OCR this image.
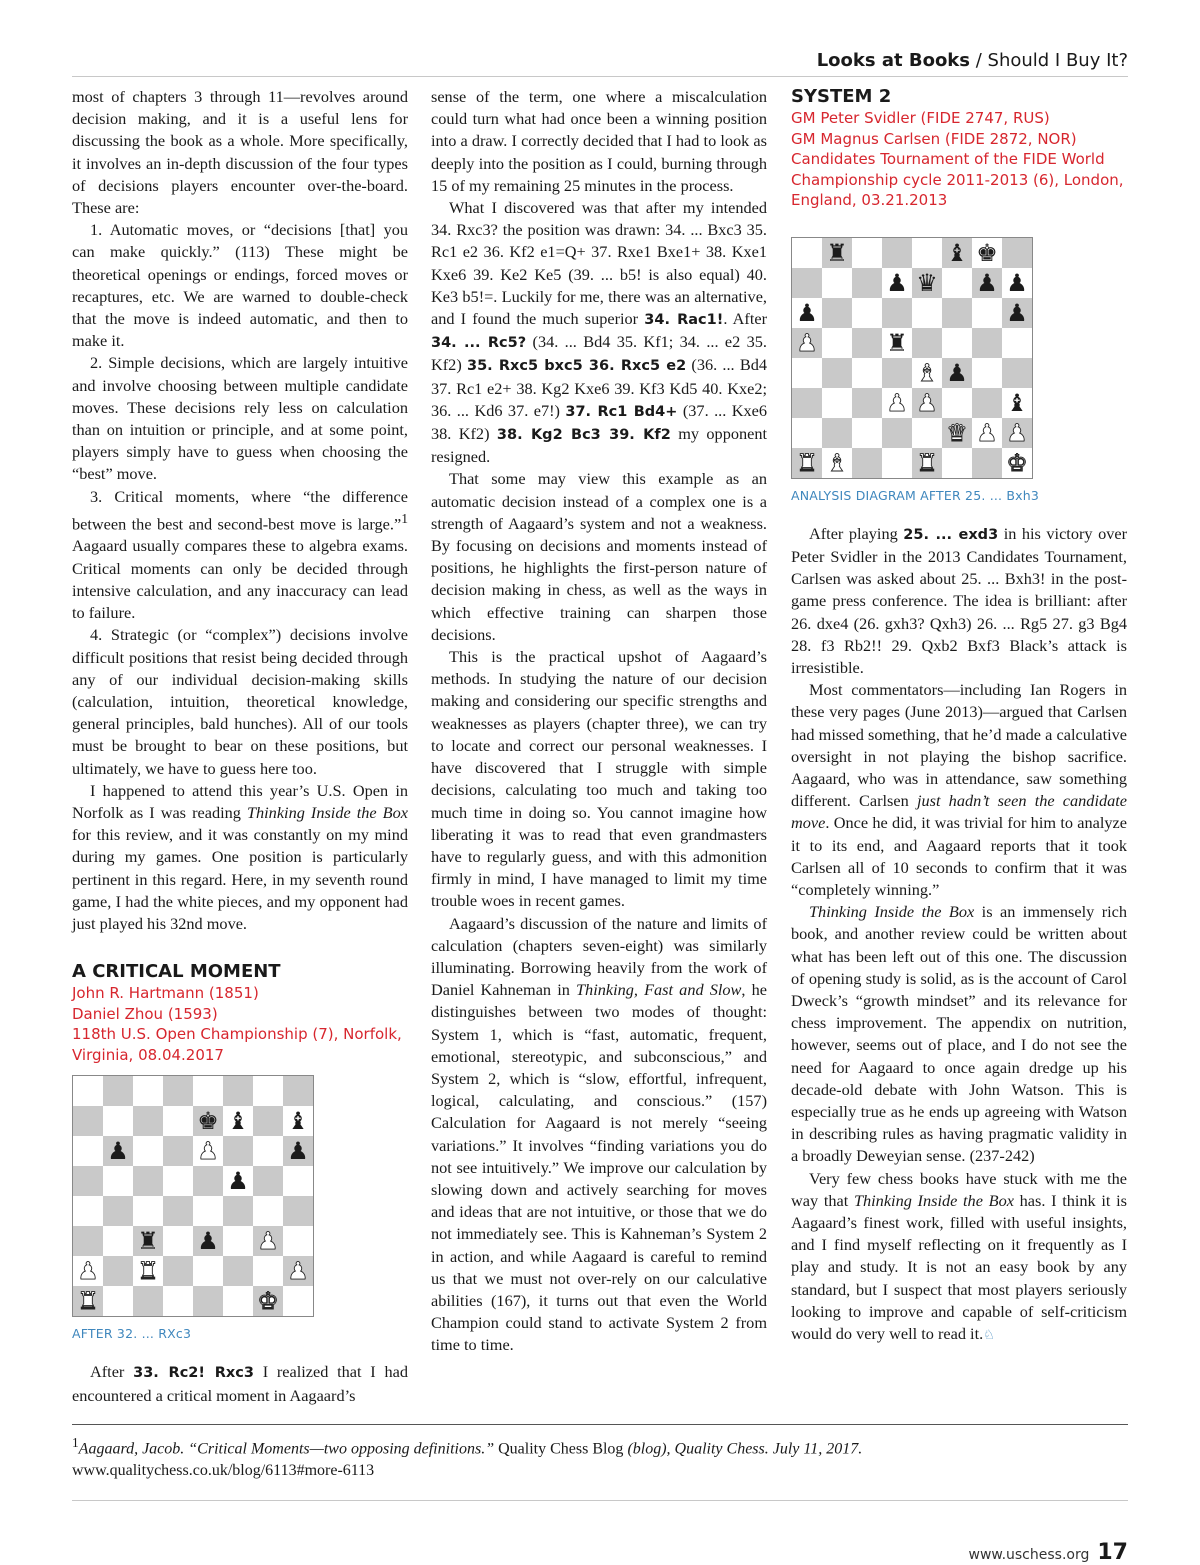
Looks at Books / Should I Buy It?

most of chapters 3 through 11—revolves around decision making, and it is a useful lens for discussing the book as a whole. More specifically, it involves an in-depth discussion of the four types of decisions players encounter over-the-board. These are:

1. Automatic moves, or “decisions [that] you can make quickly.” (113) These might be theoretical openings or endings, forced moves or recaptures, etc. We are warned to double-check that the move is indeed automatic, and then to make it.

2. Simple decisions, which are largely intuitive and involve choosing between multiple candidate moves. These decisions rely less on calculation than on intuition or principle, and at some point, players simply have to guess when choosing the “best” move.

3. Critical moments, where “the difference between the best and second-best move is large.”$^1$ Aagaard usually compares these to algebra exams. Critical moments can only be decided through intensive calculation, and any inaccuracy can lead to failure.

4. Strategic (or “complex”) decisions involve difficult positions that resist being decided through any of our individual decision-making skills (calculation, intuition, theoretical knowledge, general principles, bald hunches). All of our tools must be brought to bear on these positions, but ultimately, we have to guess here too.

I happened to attend this year’s U.S. Open in Norfolk as I was reading Thinking Inside the Box for this review, and it was constantly on my mind during my games. One position is particularly pertinent in this regard. Here, in my seventh round game, I had the white pieces, and my opponent had just played his 32nd move.

A CRITICAL MOMENT
John R. Hartmann (1851)
Daniel Zhou (1593)
118th U.S. Open Championship (7), Norfolk, Virginia, 08.04.2017
♚ ♝ ♝
♟	♟	♟
♟
♜ ♟ ♟
♟ ♜	♟
♜	♚
AFTER 32. ... RXc3

After 33. Rc2! Rxc3 I realized that I had encountered a critical moment in Aagaard’s

sense of the term, one where a miscalculation could turn what had once been a winning position into a draw. I correctly decided that I had to look as deeply into the position as I could, burning through 15 of my remaining 25 minutes in the process.

What I discovered was that after my intended 34. Rxc3? the position was drawn: 34. ... Bxc3 35. Rc1 e2 36. Kf2 e1=Q+ 37. Rxe1 Bxe1+ 38. Kxe1 Kxe6 39. Ke2 Ke5 (39. ... b5! is also equal) 40. Ke3 b5!=. Luckily for me, there was an alternative, and I found the much superior 34. Rac1!. After 34. ... Rc5? (34. ... Bd4 35. Kf1; 34. ... e2 35. Kf2) 35. Rxc5 bxc5 36. Rxc5 e2 (36. ... Bd4 37. Rc1 e2+ 38. Kg2 Kxe6 39. Kf3 Kd5 40. Kxe2; 36. ... Kd6 37. e7!) 37. Rc1 Bd4+ (37. ... Kxe6 38. Kf2) 38. Kg2 Bc3 39. Kf2 my opponent resigned.

That some may view this example as an automatic decision instead of a complex one is a strength of Aagaard’s system and not a weakness. By focusing on decisions and moments instead of positions, he highlights the first-person nature of decision making in chess, as well as the ways in which effective training can sharpen those decisions.

This is the practical upshot of Aagaard’s methods. In studying the nature of our decision making and considering our specific strengths and weaknesses as players (chapter three), we can try to locate and correct our personal weaknesses. I have discovered that I struggle with simple decisions, calculating too much and taking too much time in doing so. You cannot imagine how liberating it was to read that even grandmasters have to regularly guess, and with this admonition firmly in mind, I have managed to limit my time trouble woes in recent games.

Aagaard’s discussion of the nature and limits of calculation (chapters seven-eight) was similarly illuminating. Borrowing heavily from the work of Daniel Kahneman in Thinking, Fast and Slow, he distinguishes between two modes of thought: System 1, which is “fast, automatic, frequent, emotional, stereotypic, and subconscious,” and System 2, which is “slow, effortful, infrequent, logical, calculating, and conscious.” (157) Calculation for Aagaard is not merely “seeing variations.” It involves “finding variations you do not see intuitively.” We improve our calculation by slowing down and actively searching for moves and ideas that are not intuitive, or those that we do not immediately see. This is Kahneman’s System 2 in action, and while Aagaard is careful to remind us that we must not over-rely on our calculative abilities (167), it turns out that even the World Champion could stand to activate System 2 from time to time.

SYSTEM 2
GM Peter Svidler (FIDE 2747, RUS)
GM Magnus Carlsen (FIDE 2872, NOR)
Candidates Tournament of the FIDE World Championship cycle 2011-2013 (6), London, England, 03.21.2013
♜	♝ ♚
♟ ♛ ♟ ♟
♟	♟
♟	♜
♝ ♟
♟ ♟	♝
♛ ♟ ♟
♜ ♝	♜	♚
ANALYSIS DIAGRAM AFTER 25. ... Bxh3

After playing 25. ... exd3 in his victory over Peter Svidler in the 2013 Candidates Tournament, Carlsen was asked about 25. ... Bxh3! in the post-game press conference. The idea is brilliant: after 26. dxe4 (26. gxh3? Qxh3) 26. ... Rg5 27. g3 Bg4 28. f3 Rb2!! 29. Qxb2 Bxf3 Black’s attack is irresistible.

Most commentators—including Ian Rogers in these very pages (June 2013)—argued that Carlsen had missed something, that he’d made a calculative oversight in not playing the bishop sacrifice. Aagaard, who was in attendance, saw something different. Carlsen just hadn’t seen the candidate move. Once he did, it was trivial for him to analyze it to its end, and Aagaard reports that it took Carlsen all of 10 seconds to confirm that it was “completely winning.”

Thinking Inside the Box is an immensely rich book, and another review could be written about what has been left out of this one. The discussion of opening study is solid, as is the account of Carol Dweck’s “growth mindset” and its relevance for chess improvement. The appendix on nutrition, however, seems out of place, and I do not see the need for Aagaard to once again dredge up his decade-old debate with John Watson. This is especially true as he ends up agreeing with Watson in describing rules as having pragmatic validity in a broadly Deweyian sense. (237-242)

Very few chess books have stuck with me the way that Thinking Inside the Box has. I think it is Aagaard’s finest work, filled with useful insights, and I find myself reflecting on it frequently as I play and study. It is not an easy book by any standard, but I suspect that most players seriously looking to improve and capable of self-criticism would do very well to read it.♘

$^1$Aagaard, Jacob. “Critical Moments—two opposing definitions.” Quality Chess Blog (blog), Quality Chess. July 11, 2017. www.qualitychess.co.uk/blog/6113#more-6113
www.uschess.org 17
